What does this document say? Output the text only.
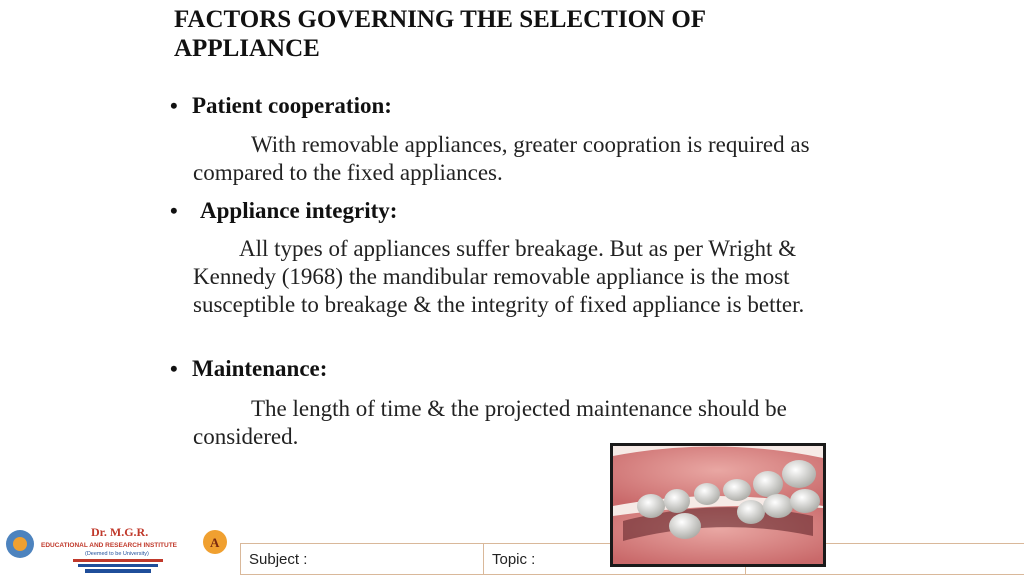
FACTORS GOVERNING THE SELECTION OF APPLIANCE
• Patient cooperation:
With removable appliances, greater coopration is required as compared to the fixed appliances.
• Appliance integrity:
All types of appliances suffer breakage. But as per Wright & Kennedy (1968) the mandibular removable appliance is the most susceptible to breakage & the integrity of fixed appliance is better.
• Maintenance:
The length of time & the projected maintenance should be considered.
Subject :	Topic :
Dr. M.G.R.
EDUCATIONAL AND RESEARCH INSTITUTE
(Deemed to be University)
A
